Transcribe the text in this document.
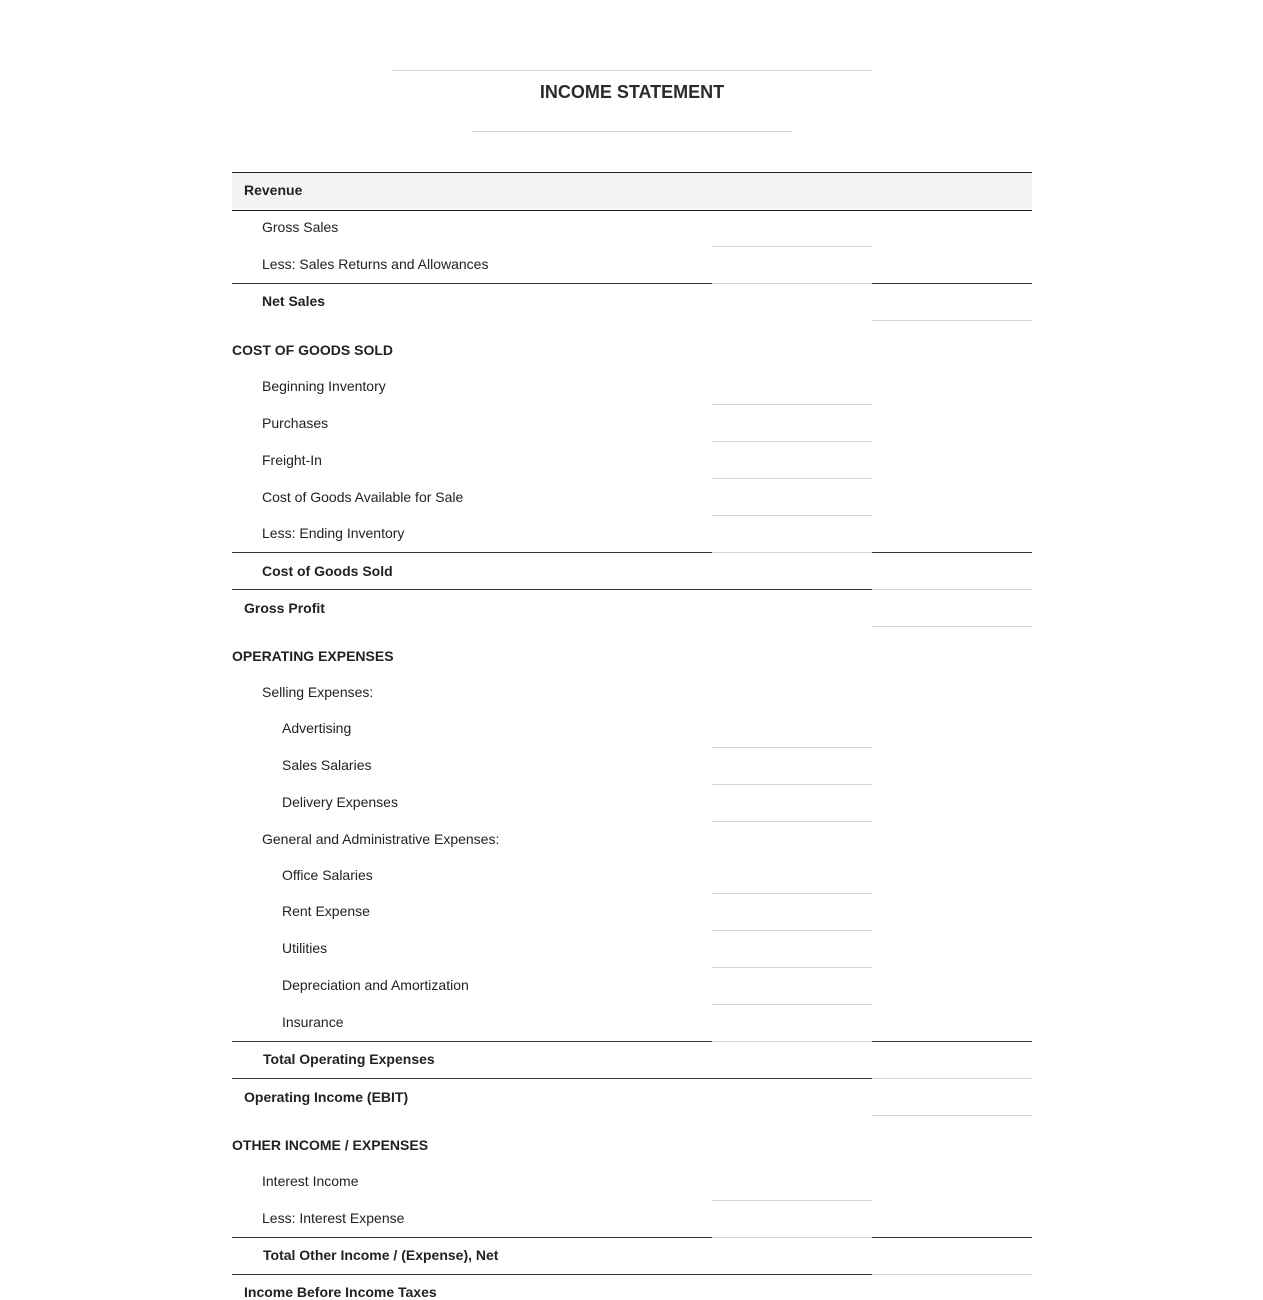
INCOME STATEMENT
Revenue
Gross Sales
Less: Sales Returns and Allowances
Net Sales
COST OF GOODS SOLD
Beginning Inventory
Purchases
Freight-In
Cost of Goods Available for Sale
Less: Ending Inventory
Cost of Goods Sold
Gross Profit
OPERATING EXPENSES
Selling Expenses:
Advertising
Sales Salaries
Delivery Expenses
General and Administrative Expenses:
Office Salaries
Rent Expense
Utilities
Depreciation and Amortization
Insurance
Total Operating Expenses
Operating Income (EBIT)
OTHER INCOME / EXPENSES
Interest Income
Less: Interest Expense
Total Other Income / (Expense), Net
Income Before Income Taxes
